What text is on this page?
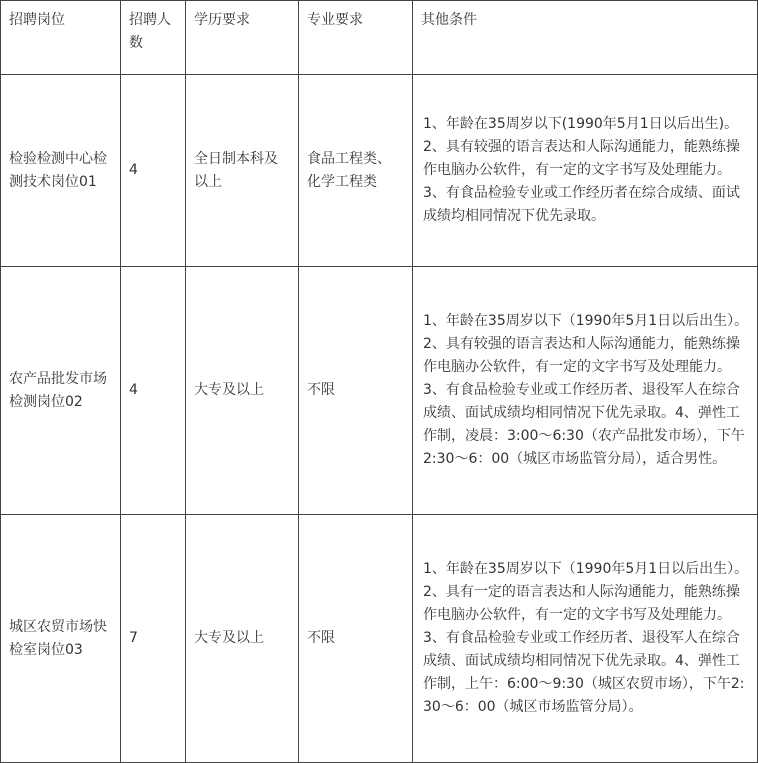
招聘岗位	招聘人数	学历要求	专业要求	其他条件
检验检测中心检测技术岗位01	4	全日制本科及以上	食品工程类、化学工程类	1、年龄在35周岁以下(1990年5月1日以后出生)。2、具有较强的语言表达和人际沟通能力，能熟练操作电脑办公软件，有一定的文字书写及处理能力。3、有食品检验专业或工作经历者在综合成绩、面试成绩均相同情况下优先录取。
农产品批发市场检测岗位02	4	大专及以上	不限	1、年龄在35周岁以下（1990年5月1日以后出生）。2、具有较强的语言表达和人际沟通能力，能熟练操作电脑办公软件，有一定的文字书写及处理能力。3、有食品检验专业或工作经历者、退役军人在综合成绩、面试成绩均相同情况下优先录取。4、弹性工作制，凌晨：3:00～6:30（农产品批发市场），下午2:30～6：00（城区市场监管分局），适合男性。
城区农贸市场快检室岗位03	7	大专及以上	不限	1、年龄在35周岁以下（1990年5月1日以后出生）。2、具有一定的语言表达和人际沟通能力，能熟练操作电脑办公软件，有一定的文字书写及处理能力。3、有食品检验专业或工作经历者、退役军人在综合成绩、面试成绩均相同情况下优先录取。4、弹性工作制，上午：6:00～9:30（城区农贸市场），下午2:30～6：00（城区市场监管分局）。
